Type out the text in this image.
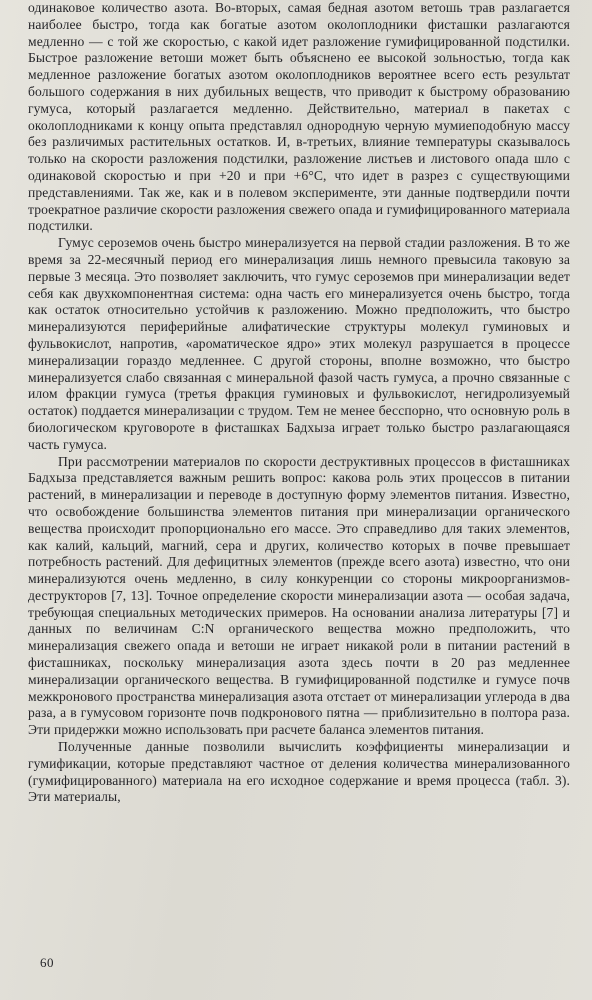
одинаковое количество азота. Во-вторых, самая бедная азотом ветошь трав разлагается наиболее быстро, тогда как богатые азотом околоплодники фисташки разлагаются медленно — с той же скоростью, с какой идет разложение гумифицированной подстилки. Быстрое разложение ветоши может быть объяснено ее высокой зольностью, тогда как медленное разложение богатых азотом околоплодников вероятнее всего есть результат большого содержания в них дубильных веществ, что приводит к быстрому образованию гумуса, который разлагается медленно. Действительно, материал в пакетах с околоплодниками к концу опыта представлял однородную черную мумиеподобную массу без различимых растительных остатков. И, в-третьих, влияние температуры сказывалось только на скорости разложения подстилки, разложение листьев и листового опада шло с одинаковой скоростью и при +20 и при +6°С, что идет в разрез с существующими представлениями. Так же, как и в полевом эксперименте, эти данные подтвердили почти троекратное различие скорости разложения свежего опада и гумифицированного материала подстилки.

Гумус сероземов очень быстро минерализуется на первой стадии разложения. В то же время за 22-месячный период его минерализация лишь немного превысила таковую за первые 3 месяца. Это позволяет заключить, что гумус сероземов при минерализации ведет себя как двухкомпонентная система: одна часть его минерализуется очень быстро, тогда как остаток относительно устойчив к разложению. Можно предположить, что быстро минерализуются периферийные алифатические структуры молекул гуминовых и фульвокислот, напротив, «ароматическое ядро» этих молекул разрушается в процессе минерализации гораздо медленнее. С другой стороны, вполне возможно, что быстро минерализуется слабо связанная с минеральной фазой часть гумуса, а прочно связанные с илом фракции гумуса (третья фракция гуминовых и фульвокислот, негидролизуемый остаток) поддается минерализации с трудом. Тем не менее бесспорно, что основную роль в биологическом круговороте в фисташках Бадхыза играет только быстро разлагающаяся часть гумуса.

При рассмотрении материалов по скорости деструктивных процессов в фисташниках Бадхыза представляется важным решить вопрос: какова роль этих процессов в питании растений, в минерализации и переводе в доступную форму элементов питания. Известно, что освобождение большинства элементов питания при минерализации органического вещества происходит пропорционально его массе. Это справедливо для таких элементов, как калий, кальций, магний, сера и других, количество которых в почве превышает потребность растений. Для дефицитных элементов (прежде всего азота) известно, что они минерализуются очень медленно, в силу конкуренции со стороны микроорганизмов-деструкторов [7, 13]. Точное определение скорости минерализации азота — особая задача, требующая специальных методических примеров. На основании анализа литературы [7] и данных по величинам C:N органического вещества можно предположить, что минерализация свежего опада и ветоши не играет никакой роли в питании растений в фисташниках, поскольку минерализация азота здесь почти в 20 раз медленнее минерализации органического вещества. В гумифицированной подстилке и гумусе почв межкронового пространства минерализация азота отстает от минерализации углерода в два раза, а в гумусовом горизонте почв подкронового пятна — приблизительно в полтора раза. Эти придержки можно использовать при расчете баланса элементов питания.

Полученные данные позволили вычислить коэффициенты минерализации и гумификации, которые представляют частное от деления количества минерализованного (гумифицированного) материала на его исходное содержание и время процесса (табл. 3). Эти материалы,

60
